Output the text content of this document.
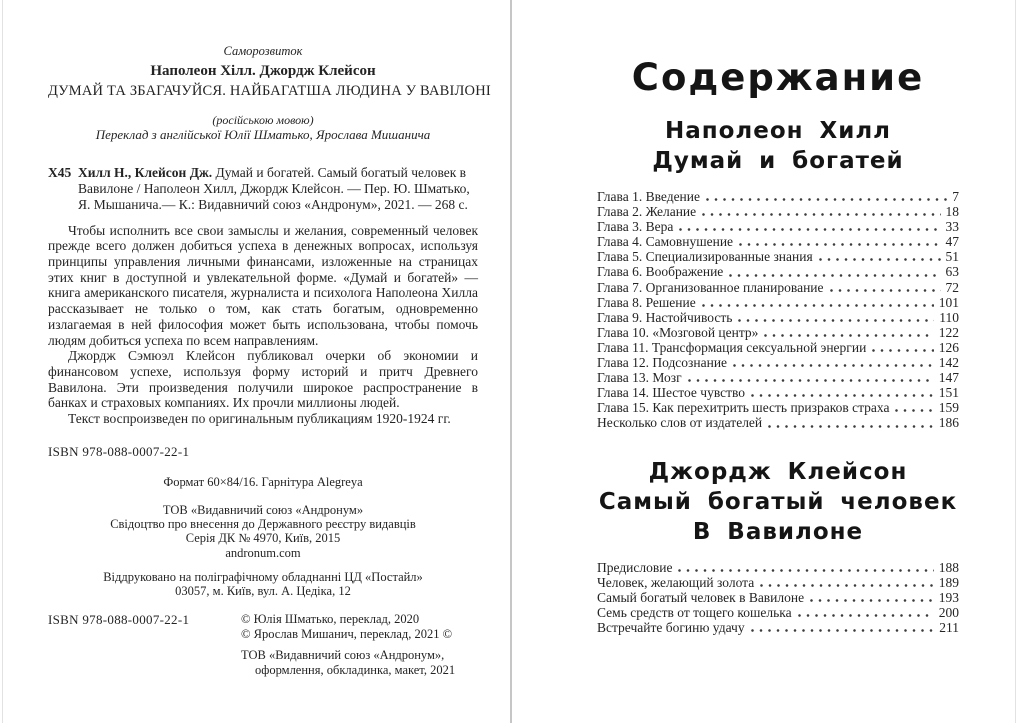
Саморозвиток
Наполеон Хілл. Джордж Клейсон
ДУМАЙ ТА ЗБАГАЧУЙСЯ. НАЙБАГАТША ЛЮДИНА У ВАВІЛОНІ
(російською мовою)
Переклад з англійської Юлії Шматько, Ярослава Мишанича
Х45 Хилл Н., Клейсон Дж. Думай и богатей. Самый богатый человек в Вавилоне / Наполеон Хилл, Джордж Клейсон. — Пер. Ю. Шматько, Я. Мышанича.— К.: Видавничий союз «Андронум», 2021. — 268 с.

Чтобы исполнить все свои замыслы и желания, современный человек прежде всего должен добиться успеха в денежных вопросах, используя принципы управления личными финансами, изложенные на страницах этих книг в доступной и увлекательной форме. «Думай и богатей» — книга американского писателя, журналиста и психолога Наполеона Хилла рассказывает не только о том, как стать богатым, одновременно излагаемая в ней философия может быть использована, чтобы помочь людям добиться успеха по всем направлениям.

Джордж Сэмюэл Клейсон публиковал очерки об экономии и финансовом успехе, используя форму историй и притч Древнего Вавилона. Эти произведения получили широкое распространение в банках и страховых компаниях. Их прочли миллионы людей.

Текст воспроизведен по оригинальным публикациям 1920-1924 гг.

ISBN 978-088-0007-22-1
Формат 60×84/16. Гарнітура Alegreya
ТОВ «Видавничий союз «Андронум»
Свідоцтво про внесення до Державного реєстру видавців
Серія ДК № 4970, Київ, 2015
andronum.com
Віддруковано на поліграфічному обладнанні ЦД «Постайл»
03057, м. Київ, вул. А. Цедіка, 12
ISBN 978-088-0007-22-1	© Юлія Шматько, переклад, 2020
© Ярослав Мишанич, переклад, 2021 ©
ТОВ «Видавничий союз «Андронум»,
оформлення, обкладинка, макет, 2021
Содержание
Наполеон Хилл
Думай и богатей
Глава 1. Введение	7
Глава 2. Желание	18
Глава 3. Вера	33
Глава 4. Самовнушение	47
Глава 5. Специализированные знания	51
Глава 6. Воображение	63
Глава 7. Организованное планирование	72
Глава 8. Решение	101
Глава 9. Настойчивость	110
Глава 10. «Мозговой центр»	122
Глава 11. Трансформация сексуальной энергии	126
Глава 12. Подсознание	142
Глава 13. Мозг	147
Глава 14. Шестое чувство	151
Глава 15. Как перехитрить шесть призраков страха	159
Несколько слов от издателей	186
Джордж Клейсон
Самый богатый человек
В Вавилоне
Предисловие	188
Человек, желающий золота	189
Самый богатый человек в Вавилоне	193
Семь средств от тощего кошелька	200
Встречайте богиню удачу	211
